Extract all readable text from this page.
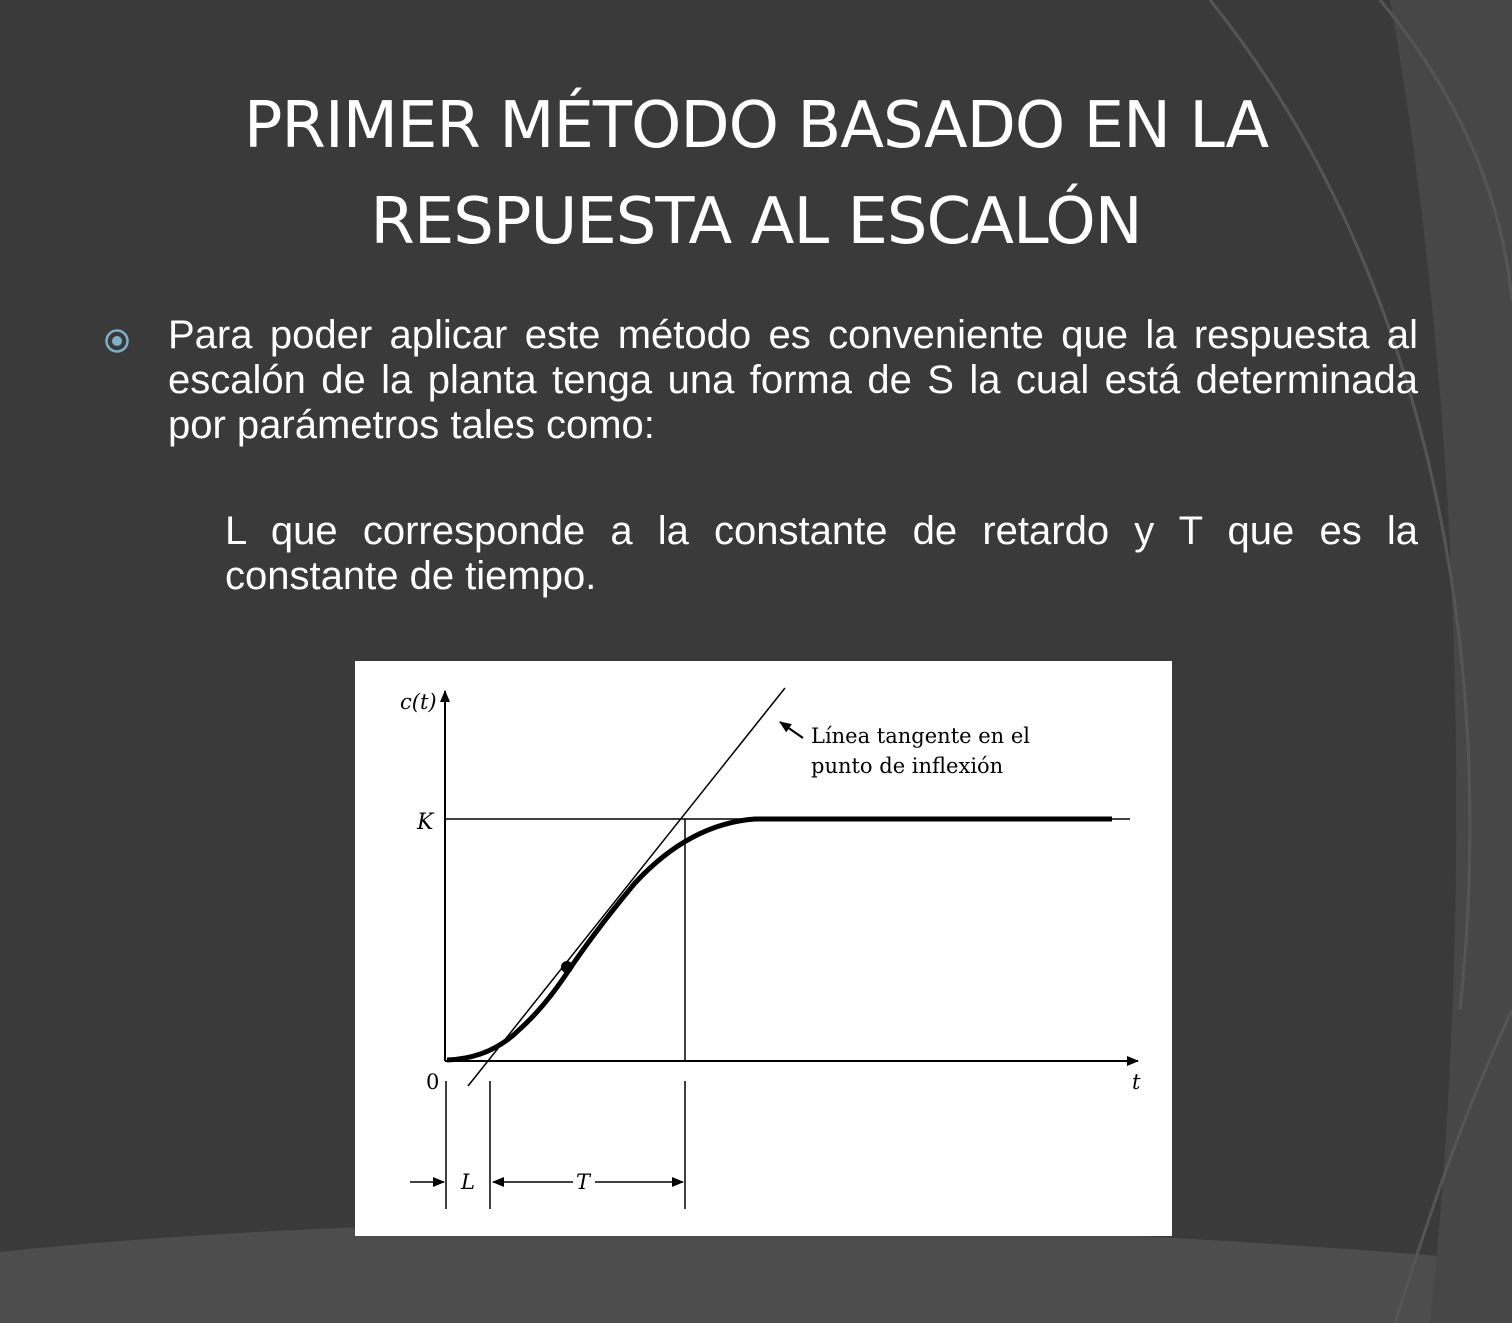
PRIMER MÉTODO BASADO EN LA
RESPUESTA AL ESCALÓN
Para poder aplicar este método es conveniente que la respuesta al escalón de la planta tenga una forma de S la cual está determinada por parámetros tales como:
L que corresponde a la constante de retardo y T que es la constante de tiempo.
c(t)
K
0	t
Línea tangente en el
punto de inflexión
L	T
